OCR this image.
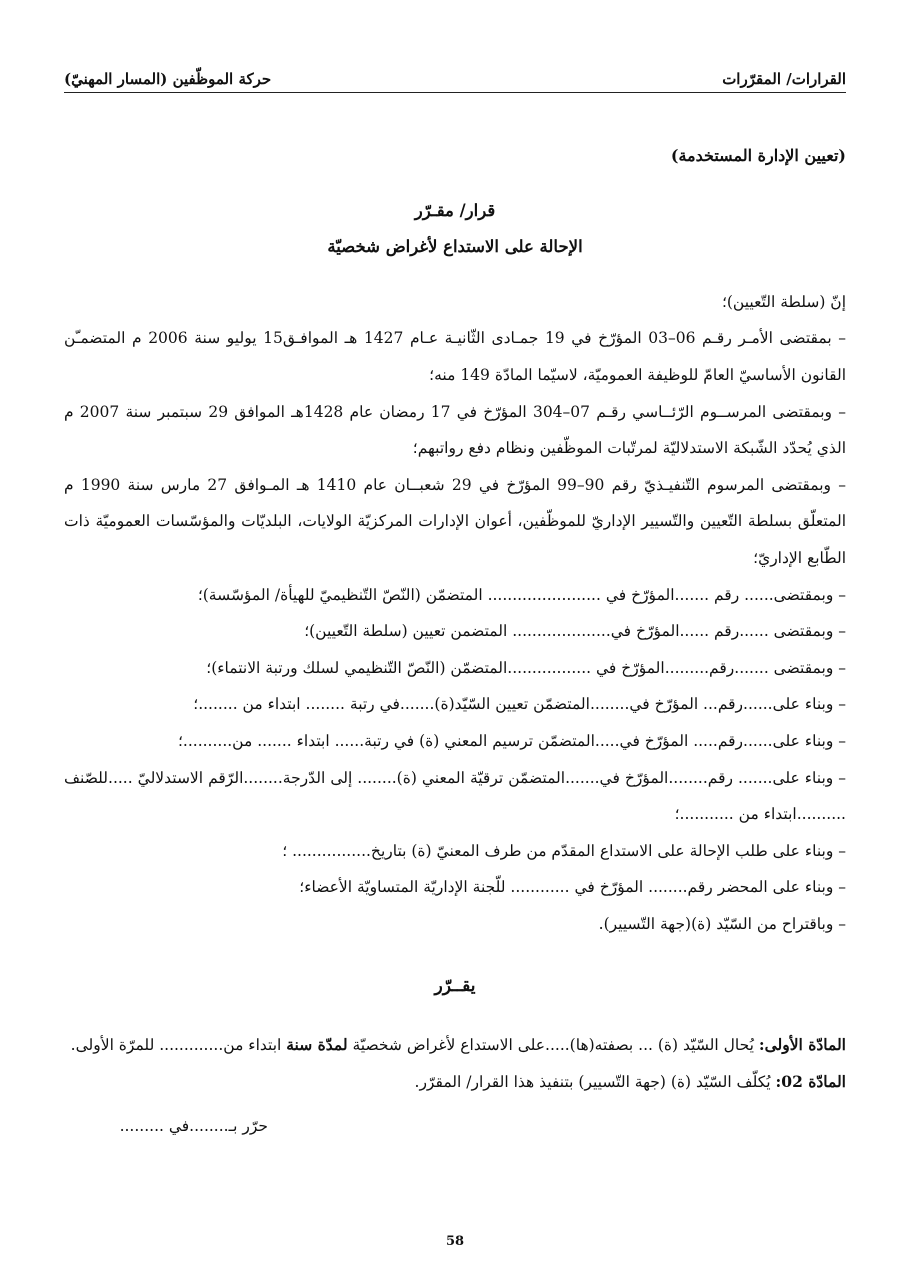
القرارات/ المقرّرات
حركة الموظّفين (المسار المهنيّ)
(تعيين الإدارة المستخدمة)
قرار/ مقـرّر
الإحالة على الاستداع لأغراض شخصيّة

إنّ (سلطة التّعيين)؛

– بمقتضى الأمـر رقـم 06–03 المؤرّخ في 19 جمـادى الثّانيـة عـام 1427 هـ الموافـق15 يوليو سنة 2006 م المتضمـّن القانون الأساسيّ العامّ للوظيفة العموميّة، لاسيّما المادّة 149 منه؛

– وبمقتضى المرســوم الرّئــاسي رقـم 07–304 المؤرّخ في 17 رمضان عام 1428هـ الموافق 29 سبتمبر سنة 2007 م الذي يُحدّد الشّبكة الاستدلاليّة لمرتّبات الموظّفين ونظام دفع رواتبهم؛

– وبمقتضى المرسوم التّنفيـذيّ رقم 90–99 المؤرّخ في 29 شعبــان عام 1410 هـ المـوافق 27 مارس سنة 1990 م المتعلّق بسلطة التّعيين والتّسيير الإداريّ للموظّفين، أعوان الإدارات المركزيّة الولايات، البلديّات والمؤسّسات العموميّة ذات الطّابع الإداريّ؛

– وبمقتضى...... رقم .......المؤرّخ في ....................... المتضمّن (النّصّ التّنظيميّ للهيأة/ المؤسّسة)؛

– وبمقتضى ......رقم ......المؤرّخ في.................... المتضمن تعيين (سلطة التّعيين)؛

– وبمقتضى .......رقم.........المؤرّخ في .................المتضمّن (النّصّ التّنظيمي لسلك ورتبة الانتماء)؛

– وبناء على......رقم... المؤرّخ في........المتضمّن تعيين السّيّد(ة).......في رتبة ........ ابتداء من ........؛

– وبناء على......رقم..... المؤرّخ في.....المتضمّن ترسيم المعني (ة) في رتبة...... ابتداء ....... من..........؛

– وبناء على....... رقم........المؤرّخ في.......المتضمّن ترقيّة المعني (ة)........ إلى الدّرجة........الرّقم الاستدلاليّ .....للصّنف ..........ابتداء من ...........؛

– وبناء على طلب الإحالة على الاستداع المقدّم من طرف المعنيّ (ة) بتاريخ................ ؛

– وبناء على المحضر رقم........ المؤرّخ في ............ للّجنة الإداريّة المتساويّة الأعضاء؛

– وباقتراح من السّيّد (ة)(جهة التّسيير).

يقــرّر

المادّة الأولى: يُحال السّيّد (ة) ... بصفته(ها).....على الاستداع لأغراض شخصيّة لمدّة سنة ابتداء من............. للمرّة الأولى.

المادّة 02: يُكلّف السّيّد (ة) (جهة التّسيير) بتنفيذ هذا القرار/ المقرّر.

حرّر بـ........في .........
58
